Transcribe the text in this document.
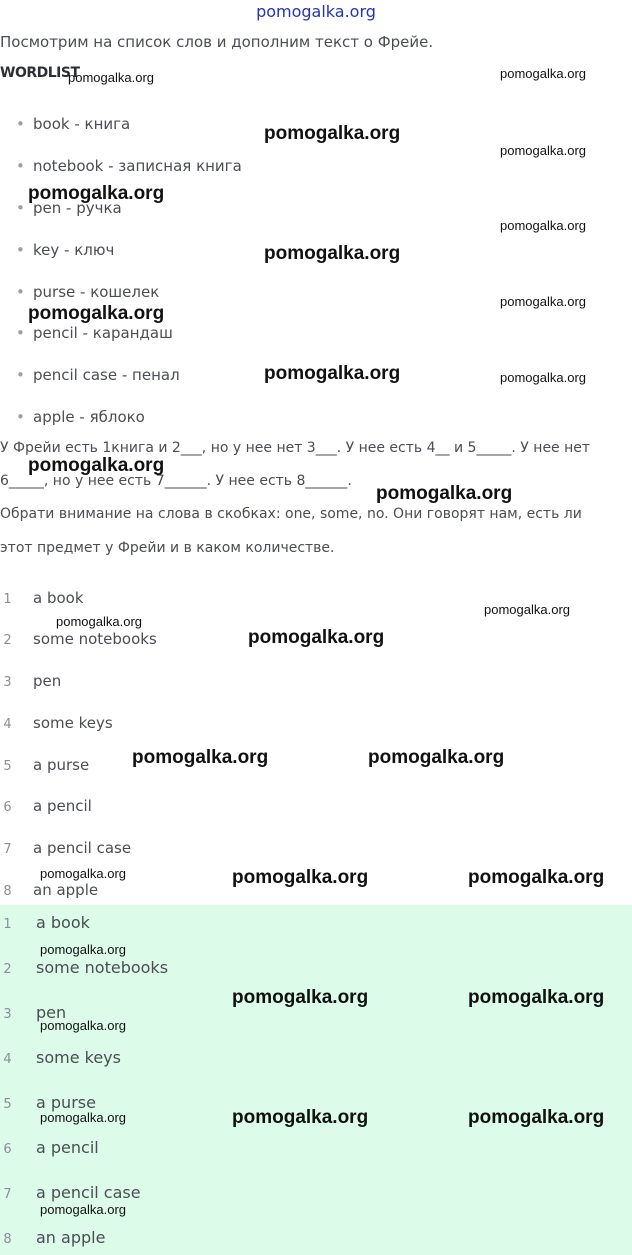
pomogalka.org
Посмотрим на список слов и дополним текст о Фрейе.
WORDLIST
• book - книга
• notebook - записная книга
• pen - ручка
• key - ключ
• purse - кошелек
• pencil - карандаш
• pencil case - пенал
• apple - яблоко
У Фрейи есть 1книга и 2___, но у нее нет 3___. У нее есть 4__ и 5_____. У нее нет
6_____, но у нее есть 7______. У нее есть 8______.
Обрати внимание на слова в скобках: one, some, no. Они говорят нам, есть ли
этот предмет у Фрейи и в каком количестве.
1 a book
2 some notebooks
3 pen
4 some keys
5 a purse
6 a pencil
7 a pencil case
8 an apple
1 a book
2 some notebooks
3 pen
4 some keys
5 a purse
6 a pencil
7 a pencil case
8 an apple
pomogalka.org	pomogalka.org
pomogalka.org
pomogalka.org
pomogalka.org
pomogalka.org
pomogalka.org
pomogalka.org
pomogalka.org
pomogalka.org	pomogalka.org
pomogalka.org
pomogalka.org
pomogalka.org
pomogalka.org
pomogalka.org
pomogalka.org	pomogalka.org
pomogalka.org	pomogalka.org	pomogalka.org
pomogalka.org
pomogalka.org	pomogalka.org
pomogalka.org
pomogalka.org	pomogalka.org	pomogalka.org
pomogalka.org
